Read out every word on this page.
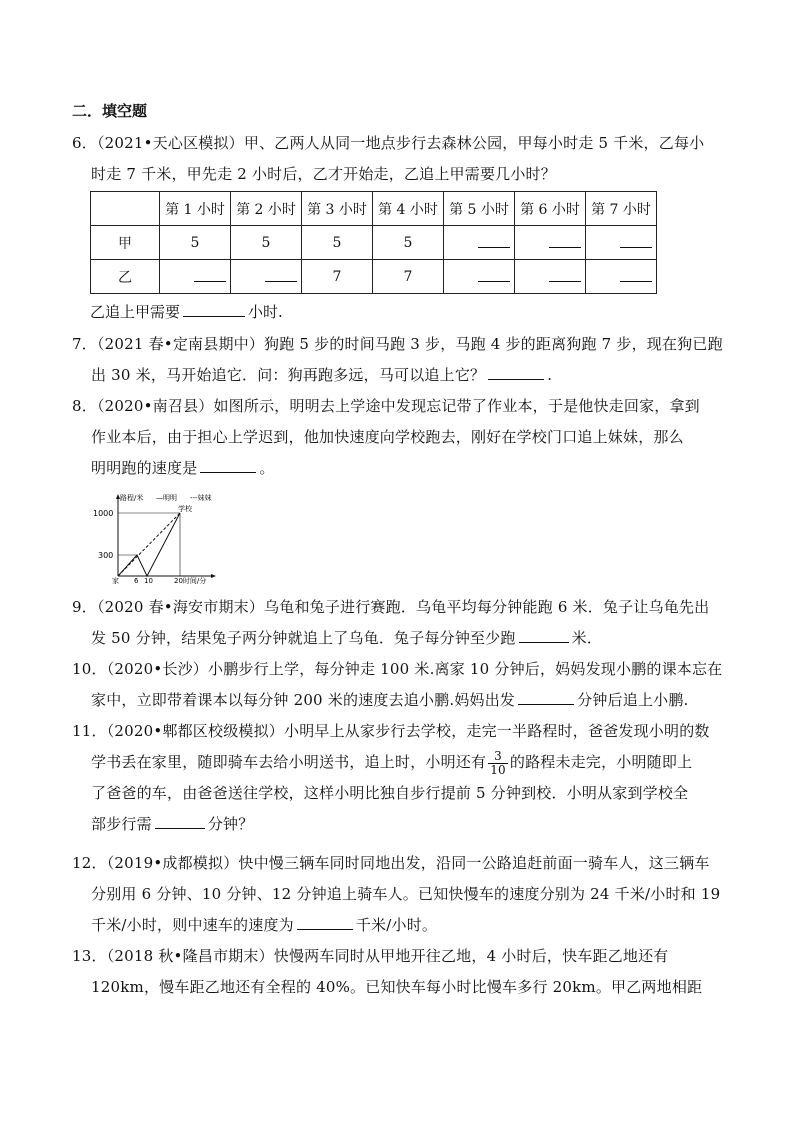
二．填空题
6．（2021•天心区模拟）甲、乙两人从同一地点步行去森林公园，甲每小时走 5 千米，乙每小
时走 7 千米，甲先走 2 小时后，乙才开始走，乙追上甲需要几小时？
	第 1 小时	第 2 小时	第 3 小时	第 4 小时	第 5 小时	第 6 小时	第 7 小时
甲	5	5	5	5			
乙			7	7			
乙追上甲需要	小时.
7．（2021 春•定南县期中）狗跑 5 步的时间马跑 3 步，马跑 4 步的距离狗跑 7 步，现在狗已跑
出 30 米，马开始追它．问：狗再跑多远，马可以追上它？	.
8．（2020•南召县）如图所示，明明去上学途中发现忘记带了作业本，于是他快走回家，拿到
作业本后，由于担心上学迟到，他加快速度向学校跑去，刚好在学校门口追上妹妹，那么
明明跑的速度是	。
路程/米 —明明 ---妹妹
1000
300
学校
家 6 10	20时间/分
9．（2020 春•海安市期末）乌龟和兔子进行赛跑．乌龟平均每分钟能跑 6 米．兔子让乌龟先出
发 50 分钟，结果兔子两分钟就追上了乌龟．兔子每分钟至少跑	米．
10．（2020•长沙）小鹏步行上学，每分钟走 100 米.离家 10 分钟后，妈妈发现小鹏的课本忘在
家中，立即带着课本以每分钟 200 米的速度去追小鹏.妈妈出发	分钟后追上小鹏.
11．（2020•郫都区校级模拟）小明早上从家步行去学校，走完一半路程时，爸爸发现小明的数
学书丢在家里，随即骑车去给小明送书，追上时，小明还有 $\frac{3}{10}$ 的路程未走完，小明随即上
了爸爸的车，由爸爸送往学校，这样小明比独自步行提前 5 分钟到校．小明从家到学校全
部步行需	分钟？
12．（2019•成都模拟）快中慢三辆车同时同地出发，沿同一公路追赶前面一骑车人，这三辆车
分别用 6 分钟、10 分钟、12 分钟追上骑车人。已知快慢车的速度分别为 24 千米/小时和 19
千米/小时，则中速车的速度为	千米/小时。
13．（2018 秋•隆昌市期末）快慢两车同时从甲地开往乙地，4 小时后，快车距乙地还有
120km，慢车距乙地还有全程的 40%。已知快车每小时比慢车多行 20km。甲乙两地相距
